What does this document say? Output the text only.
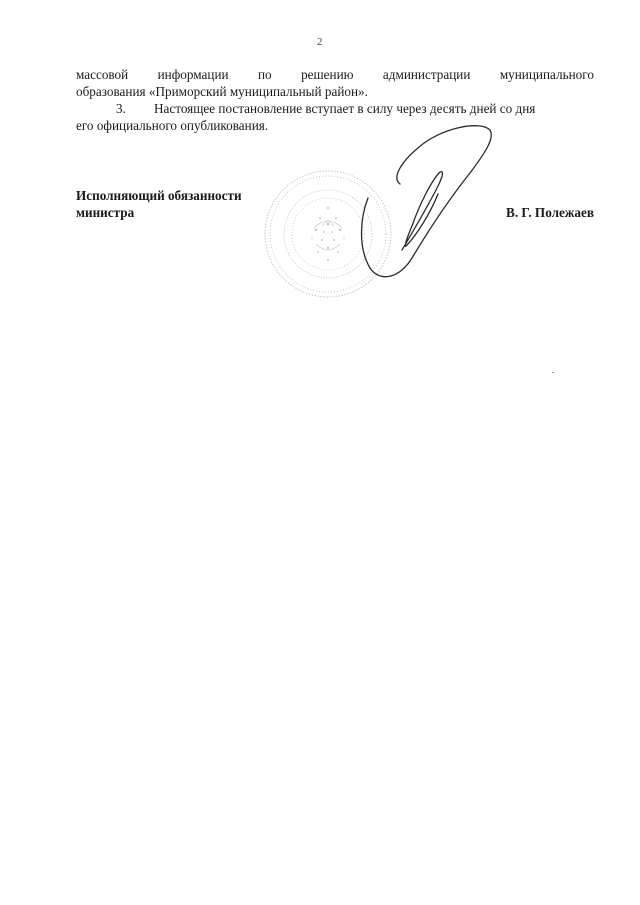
2

массовой информации по решению администрации муниципального
образования «Приморский муниципальный район».

3. Настоящее постановление вступает в силу через десять дней со дня
его официального опубликования.

Исполняющий обязанности
министра	В. Г. Полежаев
